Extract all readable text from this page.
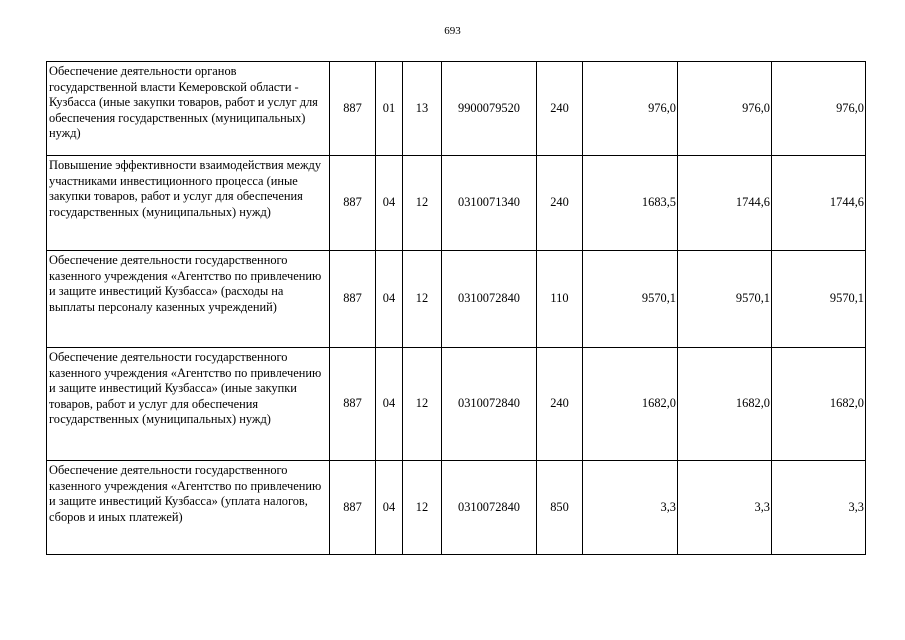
693
Обеспечение деятельности органов государственной власти Кемеровской области - Кузбасса (иные закупки товаров, работ и услуг для обеспечения государственных (муниципальных) нужд)	887	01	13	9900079520	240	976,0	976,0	976,0
Повышение эффективности взаимодействия между участниками инвестиционного процесса (иные закупки товаров, работ и услуг для обеспечения государственных (муниципальных) нужд)	887	04	12	0310071340	240	1683,5	1744,6	1744,6
Обеспечение деятельности государственного казенного учреждения «Агентство по привлечению и защите инвестиций Кузбасса» (расходы на выплаты персоналу казенных учреждений)	887	04	12	0310072840	110	9570,1	9570,1	9570,1
Обеспечение деятельности государственного казенного учреждения «Агентство по привлечению и защите инвестиций Кузбасса» (иные закупки товаров, работ и услуг для обеспечения государственных (муниципальных) нужд)	887	04	12	0310072840	240	1682,0	1682,0	1682,0
Обеспечение деятельности государственного казенного учреждения «Агентство по привлечению и защите инвестиций Кузбасса» (уплата налогов, сборов и иных платежей)	887	04	12	0310072840	850	3,3	3,3	3,3
